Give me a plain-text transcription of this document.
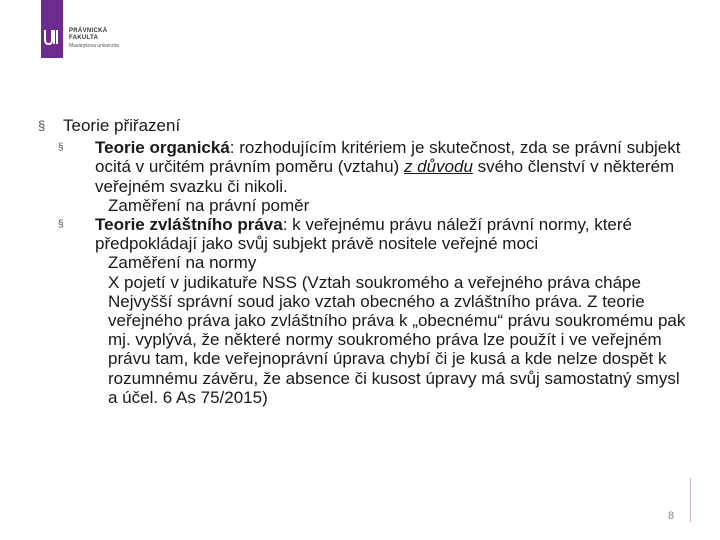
PRÁVNICKÁ
FAKULTA
Masarykova univerzita
§	Teorie přiřazení
§	Teorie organická: rozhodujícím kritériem je skutečnost, zda se právní subjekt ocitá v určitém právním poměru (vztahu) z důvodu svého členství v některém veřejném svazku či nikoli.
Zaměření na právní poměr
§	Teorie zvláštního práva: k veřejnému právu náleží právní normy, které předpokládají jako svůj subjekt právě nositele veřejné moci
Zaměření na normy
X pojetí v judikatuře NSS (Vztah soukromého a veřejného práva chápe Nejvyšší správní soud jako vztah obecného a zvláštního práva. Z teorie veřejného práva jako zvláštního práva k „obecnému“ právu soukromému pak mj. vyplývá, že některé normy soukromého práva lze použít i ve veřejném právu tam, kde veřejnoprávní úprava chybí či je kusá a kde nelze dospět k rozumnému závěru, že absence či kusost úpravy má svůj samostatný smysl a účel. 6 As 75/2015)
8
